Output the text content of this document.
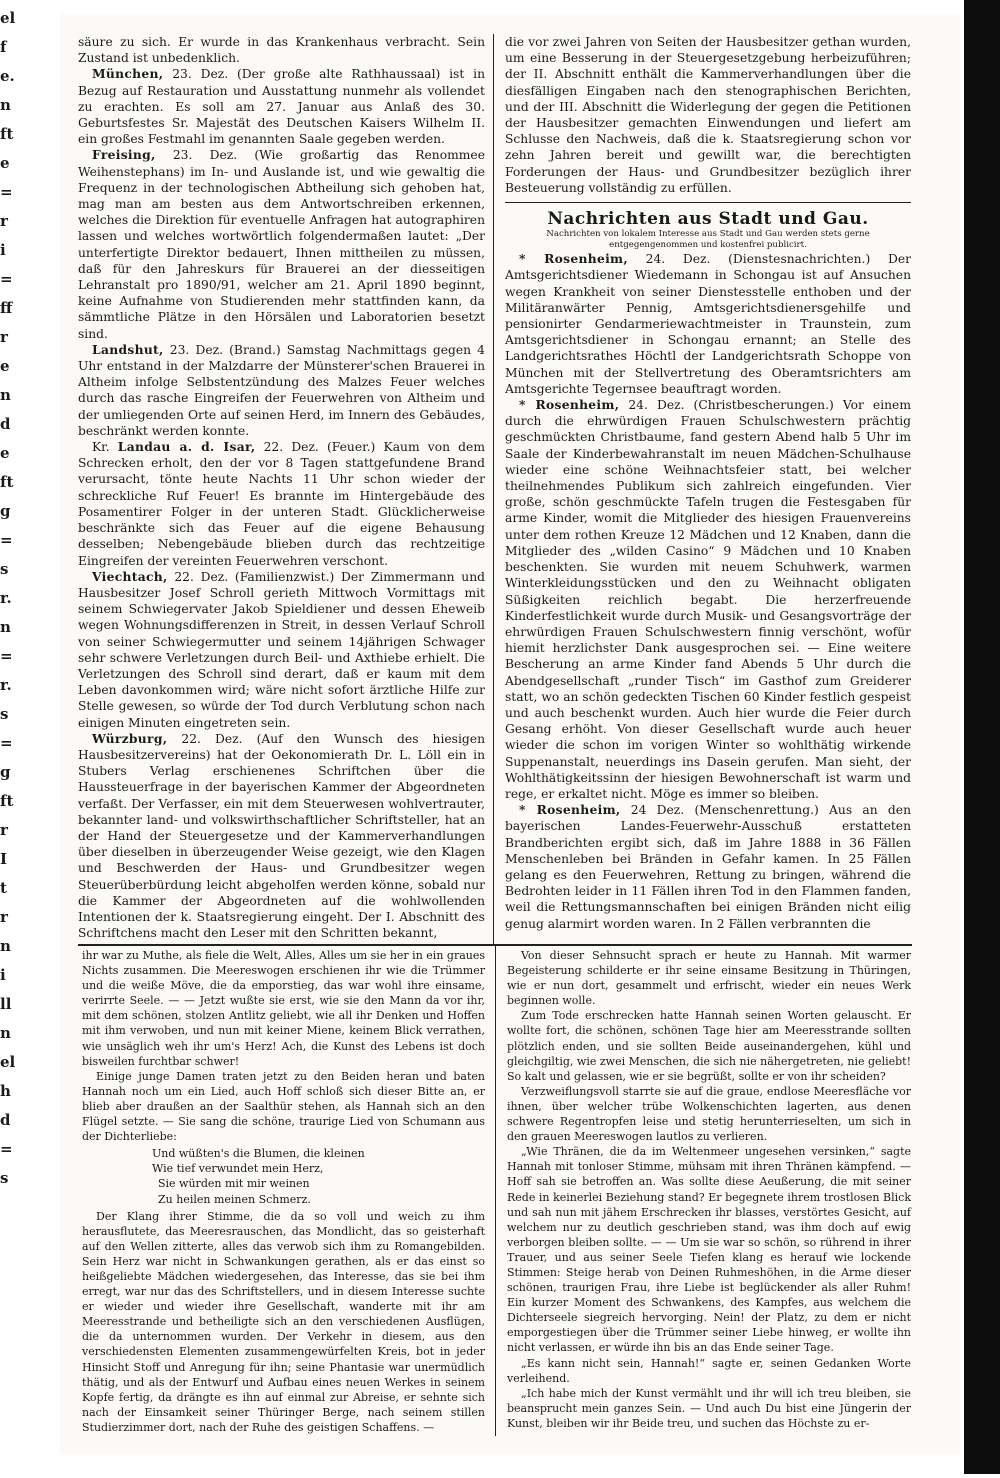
el
f
e.
n
ft
e
=
r
i
=
ff
r
e
n
d
e
ft
g
=
s
r.
n
=
r.
s
=
g
ft
r
I
t
r
n
i
ll
n
el
h
d
=
s

säure zu sich. Er wurde in das Krankenhaus verbracht. Sein Zustand ist unbedenklich.

München, 23. Dez. (Der große alte Rathhaussaal) ist in Bezug auf Restauration und Ausstattung nunmehr als vollendet zu erachten. Es soll am 27. Januar aus Anlaß des 30. Geburtsfestes Sr. Majestät des Deutschen Kaisers Wilhelm II. ein großes Festmahl im genannten Saale gegeben werden.

Freising, 23. Dez. (Wie großartig das Renommee Weihenstephans) im In- und Auslande ist, und wie gewaltig die Frequenz in der technologischen Abtheilung sich gehoben hat, mag man am besten aus dem Antwortschreiben erkennen, welches die Direktion für eventuelle Anfragen hat autographiren lassen und welches wortwörtlich folgendermaßen lautet: „Der unterfertigte Direktor bedauert, Ihnen mittheilen zu müssen, daß für den Jahreskurs für Brauerei an der diesseitigen Lehranstalt pro 1890/91, welcher am 21. April 1890 beginnt, keine Aufnahme von Studierenden mehr stattfinden kann, da sämmtliche Plätze in den Hörsälen und Laboratorien besetzt sind.

Landshut, 23. Dez. (Brand.) Samstag Nachmittags gegen 4 Uhr entstand in der Malzdarre der Münsterer'schen Brauerei in Altheim infolge Selbstentzündung des Malzes Feuer welches durch das rasche Eingreifen der Feuerwehren von Altheim und der umliegenden Orte auf seinen Herd, im Innern des Gebäudes, beschränkt werden konnte.

Kr. Landau a. d. Isar, 22. Dez. (Feuer.) Kaum von dem Schrecken erholt, den der vor 8 Tagen stattgefundene Brand verursacht, tönte heute Nachts 11 Uhr schon wieder der schreckliche Ruf Feuer! Es brannte im Hintergebäude des Posamentirer Folger in der unteren Stadt. Glücklicherweise beschränkte sich das Feuer auf die eigene Behausung desselben; Nebengebäude blieben durch das rechtzeitige Eingreifen der vereinten Feuerwehren verschont.

Viechtach, 22. Dez. (Familienzwist.) Der Zimmermann und Hausbesitzer Josef Schroll gerieth Mittwoch Vormittags mit seinem Schwiegervater Jakob Spieldiener und dessen Eheweib wegen Wohnungsdifferenzen in Streit, in dessen Verlauf Schroll von seiner Schwiegermutter und seinem 14jährigen Schwager sehr schwere Verletzungen durch Beil- und Axthiebe erhielt. Die Verletzungen des Schroll sind derart, daß er kaum mit dem Leben davonkommen wird; wäre nicht sofort ärztliche Hilfe zur Stelle gewesen, so würde der Tod durch Verblutung schon nach einigen Minuten eingetreten sein.

Würzburg, 22. Dez. (Auf den Wunsch des hiesigen Hausbesitzervereins) hat der Oekonomierath Dr. L. Löll ein in Stubers Verlag erschienenes Schriftchen über die Haussteuerfrage in der bayerischen Kammer der Abgeordneten verfaßt. Der Verfasser, ein mit dem Steuerwesen wohlvertrauter, bekannter land- und volkswirthschaftlicher Schriftsteller, hat an der Hand der Steuergesetze und der Kammerverhandlungen über dieselben in überzeugender Weise gezeigt, wie den Klagen und Beschwerden der Haus- und Grundbesitzer wegen Steuerüberbürdung leicht abgeholfen werden könne, sobald nur die Kammer der Abgeordneten auf die wohlwollenden Intentionen der k. Staatsregierung eingeht. Der I. Abschnitt des Schriftchens macht den Leser mit den Schritten bekannt,

die vor zwei Jahren von Seiten der Hausbesitzer gethan wurden, um eine Besserung in der Steuergesetzgebung herbeizuführen; der II. Abschnitt enthält die Kammerverhandlungen über die diesfälligen Eingaben nach den stenographischen Berichten, und der III. Abschnitt die Widerlegung der gegen die Petitionen der Hausbesitzer gemachten Einwendungen und liefert am Schlusse den Nachweis, daß die k. Staatsregierung schon vor zehn Jahren bereit und gewillt war, die berechtigten Forderungen der Haus- und Grundbesitzer bezüglich ihrer Besteuerung vollständig zu erfüllen.

Nachrichten aus Stadt und Gau.

Nachrichten von lokalem Interesse aus Stadt und Gau werden stets gerne entgegengenommen und kostenfrei publicirt.

* Rosenheim, 24. Dez. (Dienstesnachrichten.) Der Amtsgerichtsdiener Wiedemann in Schongau ist auf Ansuchen wegen Krankheit von seiner Dienstesstelle enthoben und der Militäranwärter Pennig, Amtsgerichtsdienersgehilfe und pensionirter Gendarmeriewachtmeister in Traunstein, zum Amtsgerichtsdiener in Schongau ernannt; an Stelle des Landgerichtsrathes Höchtl der Landgerichtsrath Schoppe von München mit der Stellvertretung des Oberamtsrichters am Amtsgerichte Tegernsee beauftragt worden.

* Rosenheim, 24. Dez. (Christbescherungen.) Vor einem durch die ehrwürdigen Frauen Schulschwestern prächtig geschmückten Christbaume, fand gestern Abend halb 5 Uhr im Saale der Kinderbewahranstalt im neuen Mädchen-Schulhause wieder eine schöne Weihnachtsfeier statt, bei welcher theilnehmendes Publikum sich zahlreich eingefunden. Vier große, schön geschmückte Tafeln trugen die Festesgaben für arme Kinder, womit die Mitglieder des hiesigen Frauenvereins unter dem rothen Kreuze 12 Mädchen und 12 Knaben, dann die Mitglieder des „wilden Casino“ 9 Mädchen und 10 Knaben beschenkten. Sie wurden mit neuem Schuhwerk, warmen Winterkleidungsstücken und den zu Weihnacht obligaten Süßigkeiten reichlich begabt. Die herzerfreuende Kinderfestlichkeit wurde durch Musik- und Gesangsvorträge der ehrwürdigen Frauen Schulschwestern finnig verschönt, wofür hiemit herzlichster Dank ausgesprochen sei. — Eine weitere Bescherung an arme Kinder fand Abends 5 Uhr durch die Abendgesellschaft „runder Tisch“ im Gasthof zum Greiderer statt, wo an schön gedeckten Tischen 60 Kinder festlich gespeist und auch beschenkt wurden. Auch hier wurde die Feier durch Gesang erhöht. Von dieser Gesellschaft wurde auch heuer wieder die schon im vorigen Winter so wohlthätig wirkende Suppenanstalt, neuerdings ins Dasein gerufen. Man sieht, der Wohlthätigkeitssinn der hiesigen Bewohnerschaft ist warm und rege, er erkaltet nicht. Möge es immer so bleiben.

* Rosenheim, 24 Dez. (Menschenrettung.) Aus an den bayerischen Landes-Feuerwehr-Ausschuß erstatteten Brandberichten ergibt sich, daß im Jahre 1888 in 36 Fällen Menschenleben bei Bränden in Gefahr kamen. In 25 Fällen gelang es den Feuerwehren, Rettung zu bringen, während die Bedrohten leider in 11 Fällen ihren Tod in den Flammen fanden, weil die Rettungsmannschaften bei einigen Bränden nicht eilig genug alarmirt worden waren. In 2 Fällen verbrannten die

ihr war zu Muthe, als fiele die Welt, Alles, Alles um sie her in ein graues Nichts zusammen. Die Meereswogen erschienen ihr wie die Trümmer und die weiße Möve, die da emporstieg, das war wohl ihre einsame, verirrte Seele. — — Jetzt wußte sie erst, wie sie den Mann da vor ihr, mit dem schönen, stolzen Antlitz geliebt, wie all ihr Denken und Hoffen mit ihm verwoben, und nun mit keiner Miene, keinem Blick verrathen, wie unsäglich weh ihr um's Herz! Ach, die Kunst des Lebens ist doch bisweilen furchtbar schwer!

Einige junge Damen traten jetzt zu den Beiden heran und baten Hannah noch um ein Lied, auch Hoff schloß sich dieser Bitte an, er blieb aber draußen an der Saalthür stehen, als Hannah sich an den Flügel setzte. — Sie sang die schöne, traurige Lied von Schumann aus der Dichterliebe:

Und wüßten's die Blumen, die kleinen
Wie tief verwundet mein Herz,
Sie würden mit mir weinen
Zu heilen meinen Schmerz.

Der Klang ihrer Stimme, die da so voll und weich zu ihm herausflutete, das Meeresrauschen, das Mondlicht, das so geisterhaft auf den Wellen zitterte, alles das verwob sich ihm zu Romangebilden. Sein Herz war nicht in Schwankungen gerathen, als er das einst so heißgeliebte Mädchen wiedergesehen, das Interesse, das sie bei ihm erregt, war nur das des Schriftstellers, und in diesem Interesse suchte er wieder und wieder ihre Gesellschaft, wanderte mit ihr am Meeresstrande und betheiligte sich an den verschiedenen Ausflügen, die da unternommen wurden. Der Verkehr in diesem, aus den verschiedensten Elementen zusammengewürfelten Kreis, bot in jeder Hinsicht Stoff und Anregung für ihn; seine Phantasie war unermüdlich thätig, und als der Entwurf und Aufbau eines neuen Werkes in seinem Kopfe fertig, da drängte es ihn auf einmal zur Abreise, er sehnte sich nach der Einsamkeit seiner Thüringer Berge, nach seinem stillen Studierzimmer dort, nach der Ruhe des geistigen Schaffens. —

Von dieser Sehnsucht sprach er heute zu Hannah. Mit warmer Begeisterung schilderte er ihr seine einsame Besitzung in Thüringen, wie er nun dort, gesammelt und erfrischt, wieder ein neues Werk beginnen wolle.

Zum Tode erschrecken hatte Hannah seinen Worten gelauscht. Er wollte fort, die schönen, schönen Tage hier am Meeresstrande sollten plötzlich enden, und sie sollten Beide auseinandergehen, kühl und gleichgiltig, wie zwei Menschen, die sich nie nähergetreten, nie geliebt! So kalt und gelassen, wie er sie begrüßt, sollte er von ihr scheiden?

Verzweiflungsvoll starrte sie auf die graue, endlose Meeresfläche vor ihnen, über welcher trübe Wolkenschichten lagerten, aus denen schwere Regentropfen leise und stetig herunterrieselten, um sich in den grauen Meereswogen lautlos zu verlieren.

„Wie Thränen, die da im Weltenmeer ungesehen versinken,“ sagte Hannah mit tonloser Stimme, mühsam mit ihren Thränen kämpfend. — Hoff sah sie betroffen an. Was sollte diese Aeußerung, die mit seiner Rede in keinerlei Beziehung stand? Er begegnete ihrem trostlosen Blick und sah nun mit jähem Erschrecken ihr blasses, verstörtes Gesicht, auf welchem nur zu deutlich geschrieben stand, was ihm doch auf ewig verborgen bleiben sollte. — — Um sie war so schön, so rührend in ihrer Trauer, und aus seiner Seele Tiefen klang es herauf wie lockende Stimmen: Steige herab von Deinen Ruhmeshöhen, in die Arme dieser schönen, traurigen Frau, ihre Liebe ist beglückender als aller Ruhm! Ein kurzer Moment des Schwankens, des Kampfes, aus welchem die Dichterseele siegreich hervorging. Nein! der Platz, zu dem er nicht emporgestiegen über die Trümmer seiner Liebe hinweg, er wollte ihn nicht verlassen, er würde ihn bis an das Ende seiner Tage.

„Es kann nicht sein, Hannah!“ sagte er, seinen Gedanken Worte verleihend.

„Ich habe mich der Kunst vermählt und ihr will ich treu bleiben, sie beansprucht mein ganzes Sein. — Und auch Du bist eine Jüngerin der Kunst, bleiben wir ihr Beide treu, und suchen das Höchste zu er-
